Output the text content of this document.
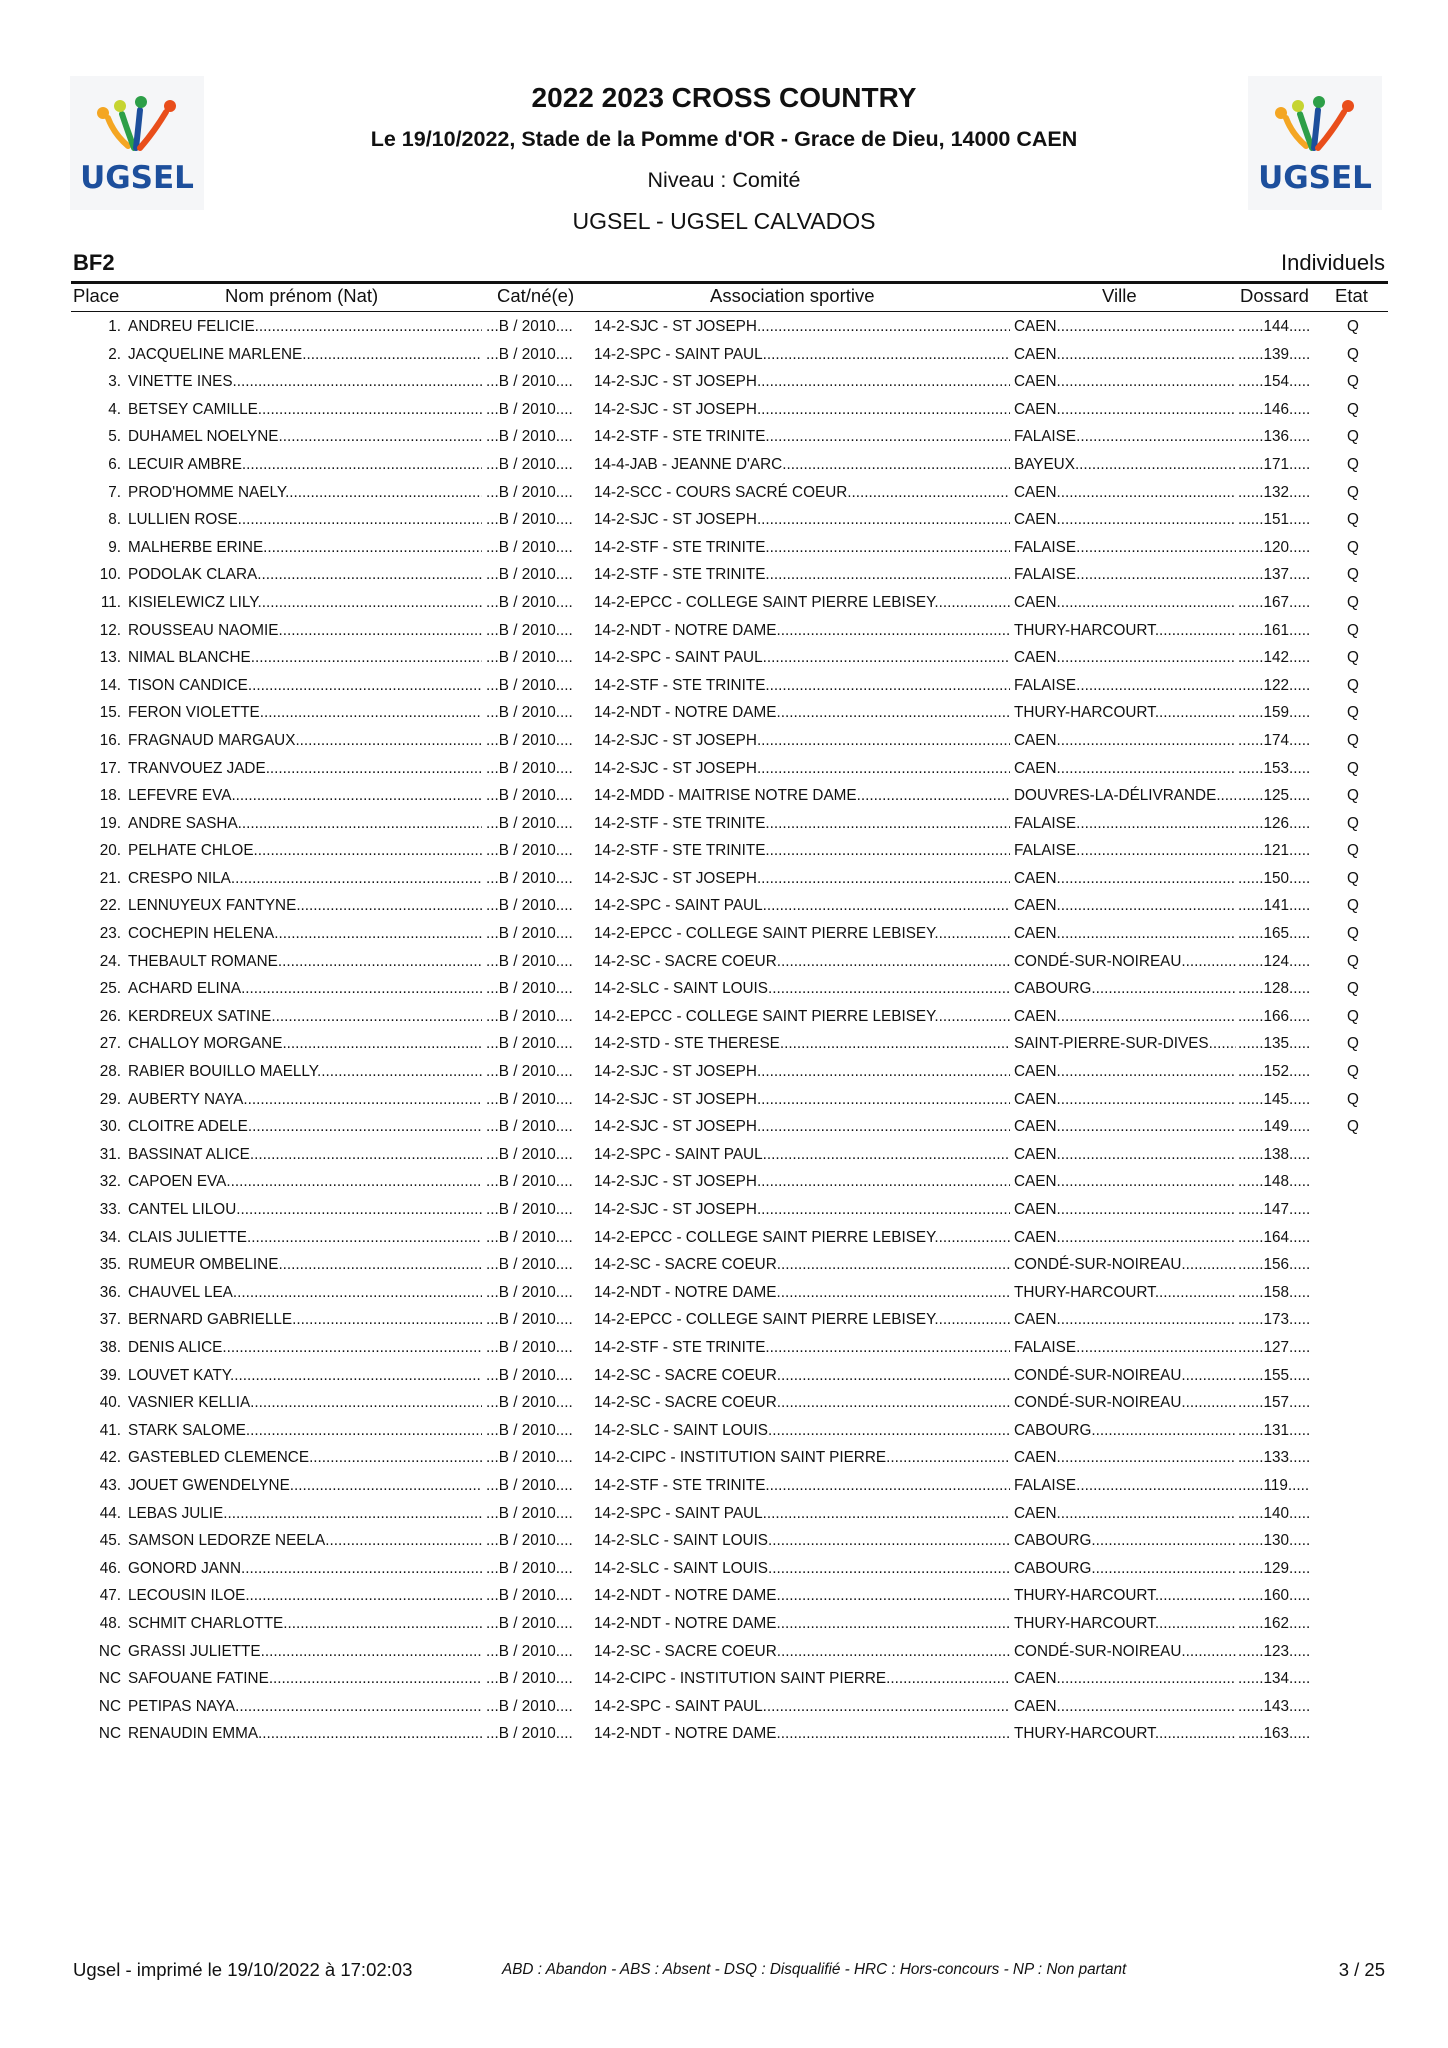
UGSEL	UGSEL
2022 2023 CROSS COUNTRY
Le 19/10/2022, Stade de la Pomme d'OR - Grace de Dieu, 14000 CAEN
Niveau : Comité
UGSEL - UGSEL CALVADOS
BF2	Individuels
Place	Nom prénom (Nat)	Cat/né(e)	Association sportive	Ville	Dossard Etat
1. ANDREU FELICIE .....	... B / 2010 ....	14-2-SJC - ST JOSEPH .....	CAEN .....	...... 144 .....	Q
2. JACQUELINE MARLENE .....	... B / 2010 ....	14-2-SPC - SAINT PAUL .....	CAEN .....	...... 139 .....	Q
3. VINETTE INES .....	... B / 2010 ....	14-2-SJC - ST JOSEPH .....	CAEN .....	...... 154 .....	Q
4. BETSEY CAMILLE .....	... B / 2010 ....	14-2-SJC - ST JOSEPH .....	CAEN .....	...... 146 .....	Q
5. DUHAMEL NOELYNE .....	... B / 2010 ....	14-2-STF - STE TRINITE .....	FALAISE .....	...... 136 .....	Q
6. LECUIR AMBRE .....	... B / 2010 ....	14-4-JAB - JEANNE D'ARC .....	BAYEUX .....	...... 171 .....	Q
7. PROD'HOMME NAELY .....	... B / 2010 ....	14-2-SCC - COURS SACRÉ COEUR .....	CAEN .....	...... 132 .....	Q
8. LULLIEN ROSE .....	... B / 2010 ....	14-2-SJC - ST JOSEPH .....	CAEN .....	...... 151 .....	Q
9. MALHERBE ERINE .....	... B / 2010 ....	14-2-STF - STE TRINITE .....	FALAISE .....	...... 120 .....	Q
10. PODOLAK CLARA .....	... B / 2010 ....	14-2-STF - STE TRINITE .....	FALAISE .....	...... 137 .....	Q
11. KISIELEWICZ LILY .....	... B / 2010 ....	14-2-EPCC - COLLEGE SAINT PIERRE LEBISEY .....	CAEN .....	...... 167 .....	Q
12. ROUSSEAU NAOMIE .....	... B / 2010 ....	14-2-NDT - NOTRE DAME .....	THURY-HARCOURT .....	...... 161 .....	Q
13. NIMAL BLANCHE .....	... B / 2010 ....	14-2-SPC - SAINT PAUL .....	CAEN .....	...... 142 .....	Q
14. TISON CANDICE .....	... B / 2010 ....	14-2-STF - STE TRINITE .....	FALAISE .....	...... 122 .....	Q
15. FERON VIOLETTE .....	... B / 2010 ....	14-2-NDT - NOTRE DAME .....	THURY-HARCOURT .....	...... 159 .....	Q
16. FRAGNAUD MARGAUX .....	... B / 2010 ....	14-2-SJC - ST JOSEPH .....	CAEN .....	...... 174 .....	Q
17. TRANVOUEZ JADE .....	... B / 2010 ....	14-2-SJC - ST JOSEPH .....	CAEN .....	...... 153 .....	Q
18. LEFEVRE EVA .....	... B / 2010 ....	14-2-MDD - MAITRISE NOTRE DAME .....	DOUVRES-LA-DÉLIVRANDE .....	...... 125 .....	Q
19. ANDRE SASHA .....	... B / 2010 ....	14-2-STF - STE TRINITE .....	FALAISE .....	...... 126 .....	Q
20. PELHATE CHLOE .....	... B / 2010 ....	14-2-STF - STE TRINITE .....	FALAISE .....	...... 121 .....	Q
21. CRESPO NILA .....	... B / 2010 ....	14-2-SJC - ST JOSEPH .....	CAEN .....	...... 150 .....	Q
22. LENNUYEUX FANTYNE .....	... B / 2010 ....	14-2-SPC - SAINT PAUL .....	CAEN .....	...... 141 .....	Q
23. COCHEPIN HELENA .....	... B / 2010 ....	14-2-EPCC - COLLEGE SAINT PIERRE LEBISEY .....	CAEN .....	...... 165 .....	Q
24. THEBAULT ROMANE .....	... B / 2010 ....	14-2-SC - SACRE COEUR .....	CONDÉ-SUR-NOIREAU .....	...... 124 .....	Q
25. ACHARD ELINA .....	... B / 2010 ....	14-2-SLC - SAINT LOUIS .....	CABOURG .....	...... 128 .....	Q
26. KERDREUX SATINE .....	... B / 2010 ....	14-2-EPCC - COLLEGE SAINT PIERRE LEBISEY .....	CAEN .....	...... 166 .....	Q
27. CHALLOY MORGANE .....	... B / 2010 ....	14-2-STD - STE THERESE .....	SAINT-PIERRE-SUR-DIVES .....	...... 135 .....	Q
28. RABIER BOUILLO MAELLY .....	... B / 2010 ....	14-2-SJC - ST JOSEPH .....	CAEN .....	...... 152 .....	Q
29. AUBERTY NAYA .....	... B / 2010 ....	14-2-SJC - ST JOSEPH .....	CAEN .....	...... 145 .....	Q
30. CLOITRE ADELE .....	... B / 2010 ....	14-2-SJC - ST JOSEPH .....	CAEN .....	...... 149 .....	Q
31. BASSINAT ALICE .....	... B / 2010 ....	14-2-SPC - SAINT PAUL .....	CAEN .....	...... 138 .....
32. CAPOEN EVA .....	... B / 2010 ....	14-2-SJC - ST JOSEPH .....	CAEN .....	...... 148 .....
33. CANTEL LILOU .....	... B / 2010 ....	14-2-SJC - ST JOSEPH .....	CAEN .....	...... 147 .....
34. CLAIS JULIETTE .....	... B / 2010 ....	14-2-EPCC - COLLEGE SAINT PIERRE LEBISEY .....	CAEN .....	...... 164 .....
35. RUMEUR OMBELINE .....	... B / 2010 ....	14-2-SC - SACRE COEUR .....	CONDÉ-SUR-NOIREAU .....	...... 156 .....
36. CHAUVEL LEA .....	... B / 2010 ....	14-2-NDT - NOTRE DAME .....	THURY-HARCOURT .....	...... 158 .....
37. BERNARD GABRIELLE .....	... B / 2010 ....	14-2-EPCC - COLLEGE SAINT PIERRE LEBISEY .....	CAEN .....	...... 173 .....
38. DENIS ALICE .....	... B / 2010 ....	14-2-STF - STE TRINITE .....	FALAISE .....	...... 127 .....
39. LOUVET KATY .....	... B / 2010 ....	14-2-SC - SACRE COEUR .....	CONDÉ-SUR-NOIREAU .....	...... 155 .....
40. VASNIER KELLIA .....	... B / 2010 ....	14-2-SC - SACRE COEUR .....	CONDÉ-SUR-NOIREAU .....	...... 157 .....
41. STARK SALOME .....	... B / 2010 ....	14-2-SLC - SAINT LOUIS .....	CABOURG .....	...... 131 .....
42. GASTEBLED CLEMENCE .....	... B / 2010 ....	14-2-CIPC - INSTITUTION SAINT PIERRE .....	CAEN .....	...... 133 .....
43. JOUET GWENDELYNE .....	... B / 2010 ....	14-2-STF - STE TRINITE .....	FALAISE .....	...... 119 .....
44. LEBAS JULIE .....	... B / 2010 ....	14-2-SPC - SAINT PAUL .....	CAEN .....	...... 140 .....
45. SAMSON LEDORZE NEELA .....	... B / 2010 ....	14-2-SLC - SAINT LOUIS .....	CABOURG .....	...... 130 .....
46. GONORD JANN .....	... B / 2010 ....	14-2-SLC - SAINT LOUIS .....	CABOURG .....	...... 129 .....
47. LECOUSIN ILOE .....	... B / 2010 ....	14-2-NDT - NOTRE DAME .....	THURY-HARCOURT .....	...... 160 .....
48. SCHMIT CHARLOTTE .....	... B / 2010 ....	14-2-NDT - NOTRE DAME .....	THURY-HARCOURT .....	...... 162 .....
NC GRASSI JULIETTE .....	... B / 2010 ....	14-2-SC - SACRE COEUR .....	CONDÉ-SUR-NOIREAU .....	...... 123 .....
NC SAFOUANE FATINE .....	... B / 2010 ....	14-2-CIPC - INSTITUTION SAINT PIERRE .....	CAEN .....	...... 134 .....
NC PETIPAS NAYA .....	... B / 2010 ....	14-2-SPC - SAINT PAUL .....	CAEN .....	...... 143 .....
NC RENAUDIN EMMA .....	... B / 2010 ....	14-2-NDT - NOTRE DAME .....	THURY-HARCOURT .....	...... 163 .....
Ugsel - imprimé le 19/10/2022 à 17:02:03	ABD : Abandon - ABS : Absent - DSQ : Disqualifié - HRC : Hors-concours - NP : Non partant	3 / 25
